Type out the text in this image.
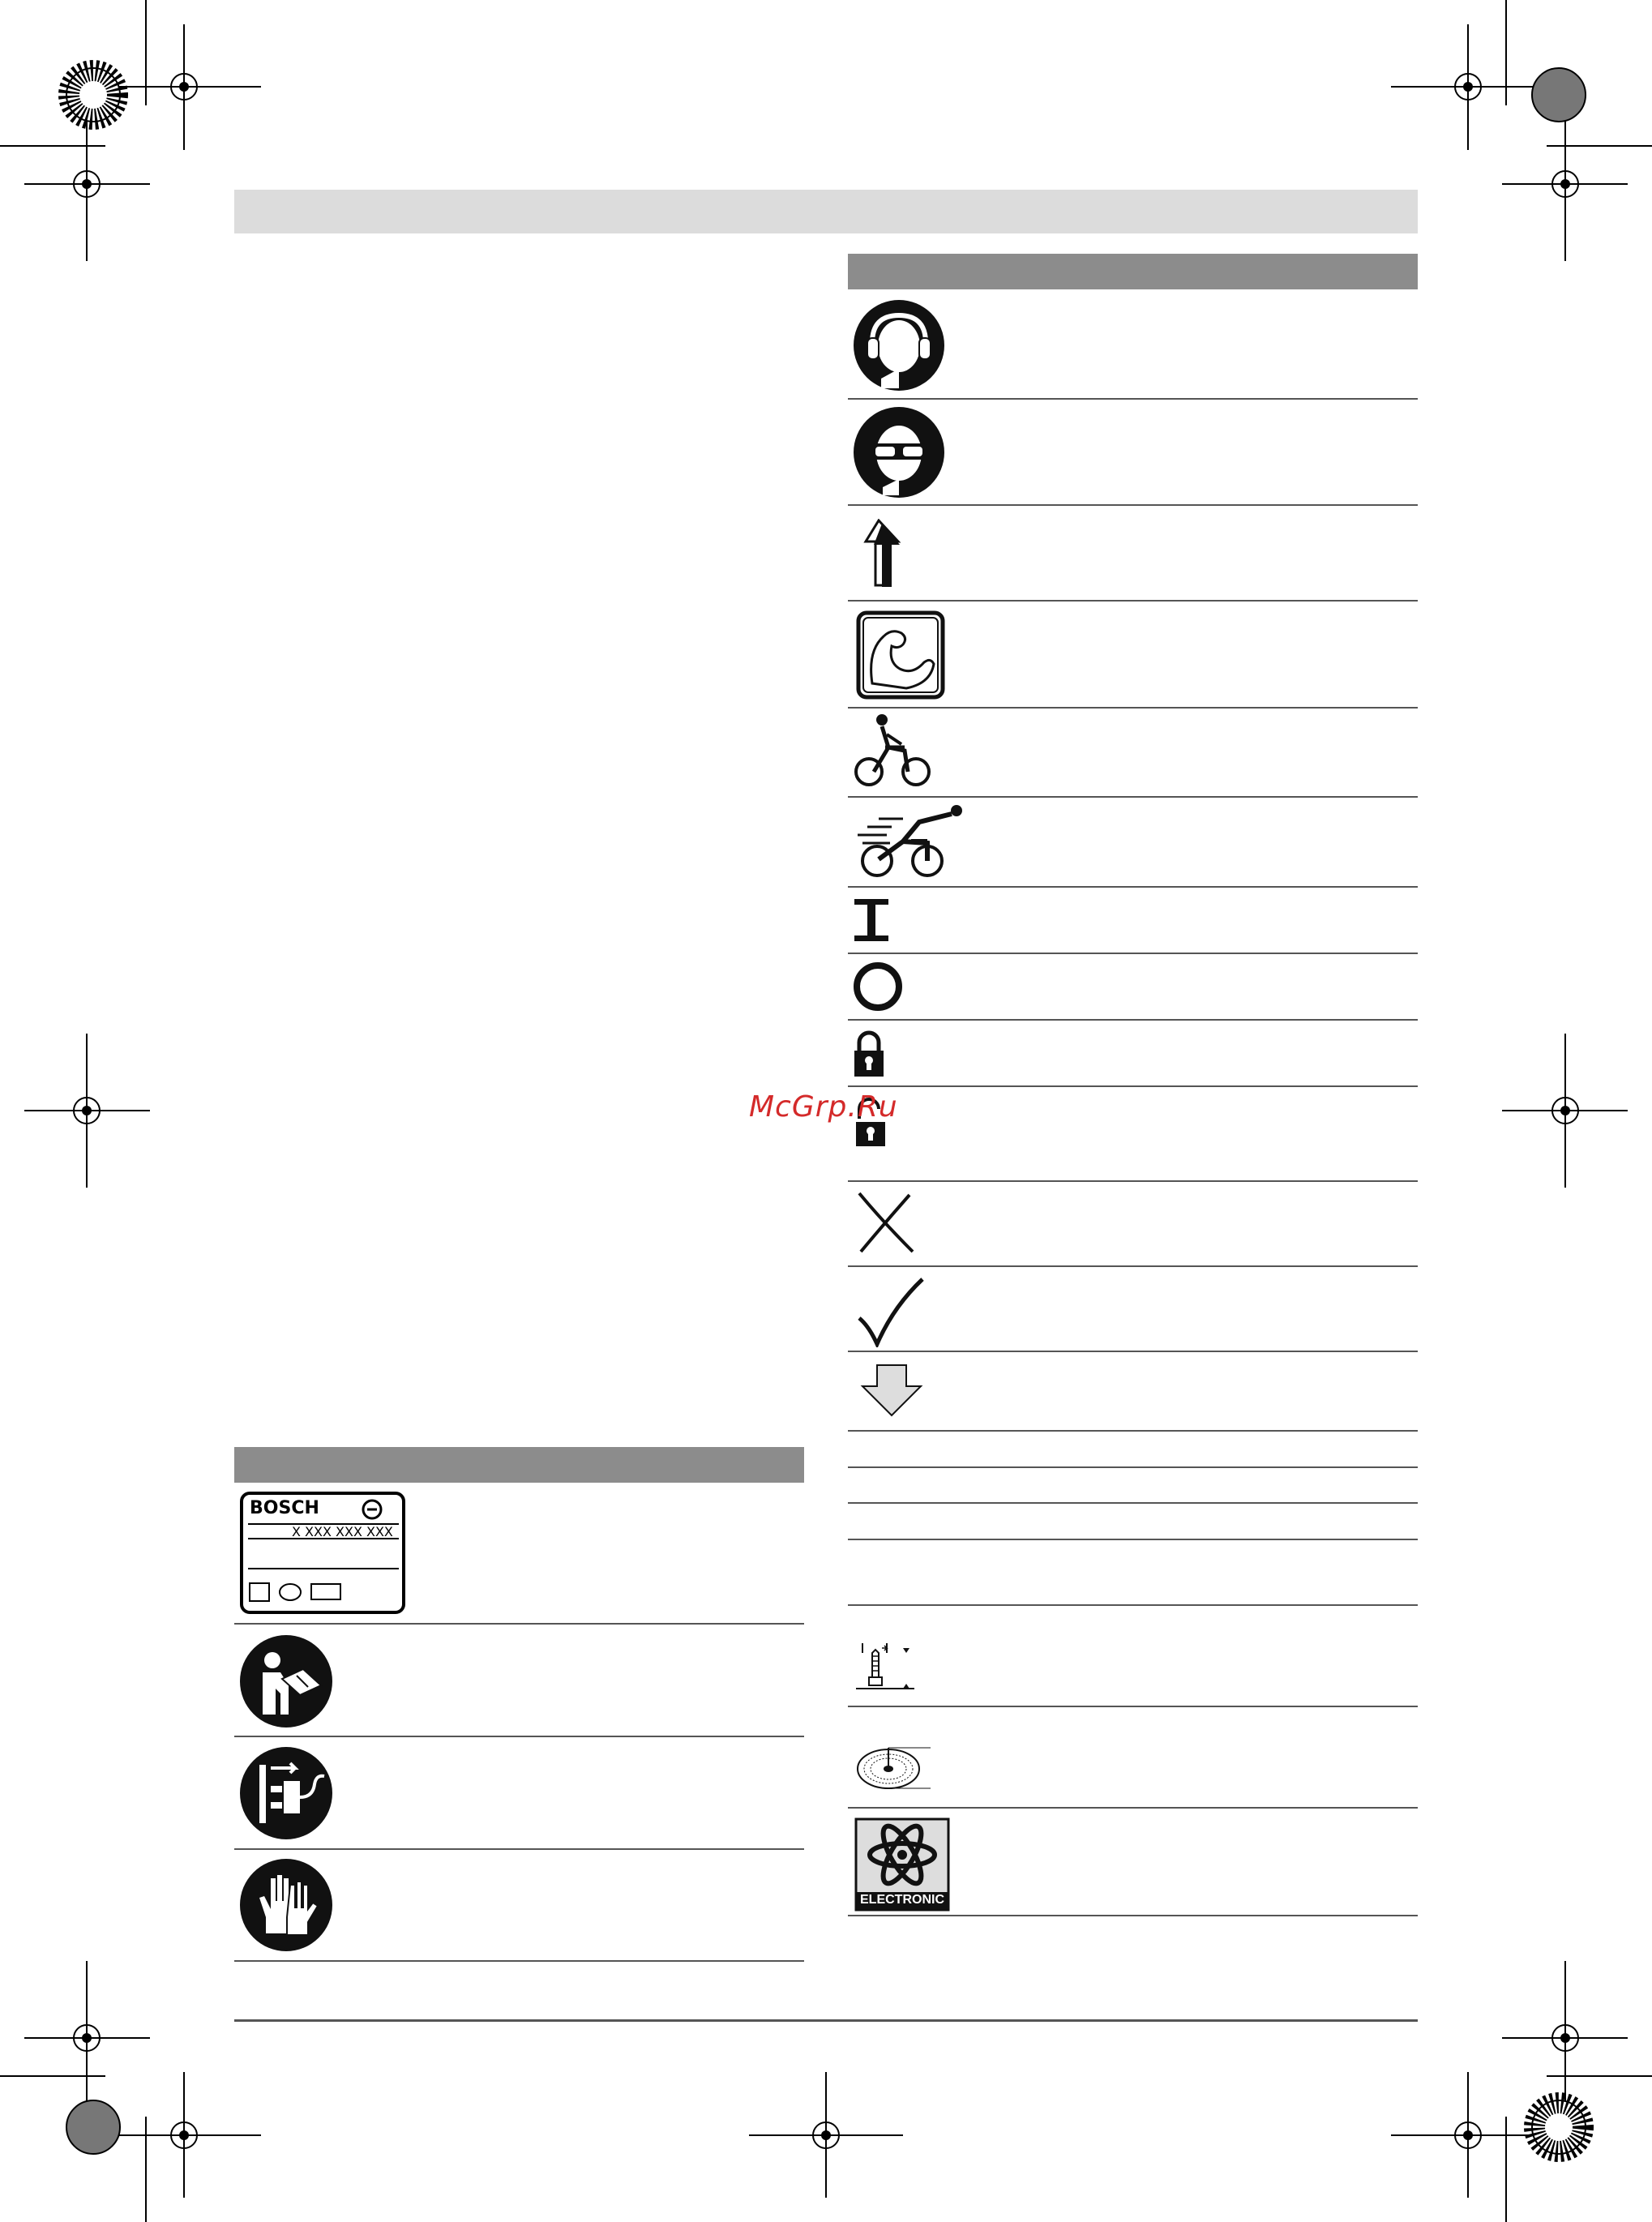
BOSCH
X XXX XXX XXX
ELECTRONIC
McGrp.Ru
